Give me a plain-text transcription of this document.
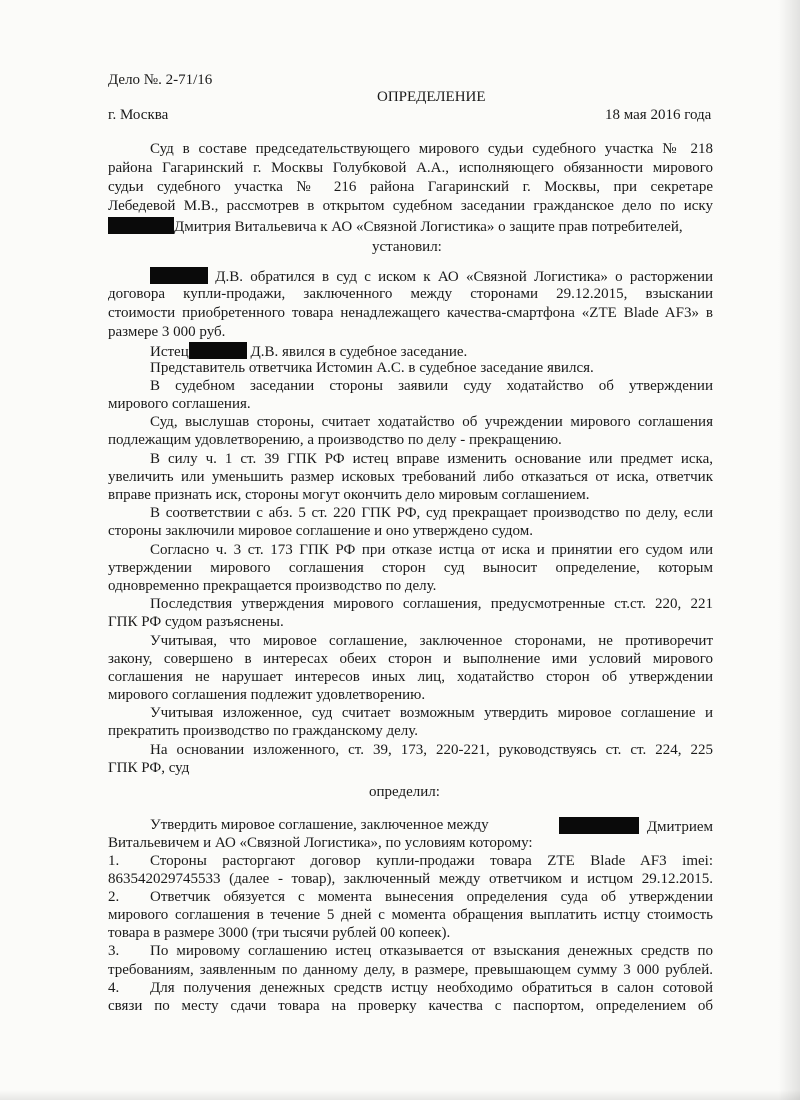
Дело №. 2-71/16
ОПРЕДЕЛЕНИЕ
г. Москва	18 мая 2016 года
Суд в составе председательствующего мирового судьи судебного участка № 218
района Гагаринский г. Москвы Голубковой А.А., исполняющего обязанности мирового
судьи судебного участка № 216 района Гагаринский г. Москвы, при секретаре
Лебедевой М.В., рассмотрев в открытом судебном заседании гражданское дело по иску
Дмитрия Витальевича к АО «Связной Логистика» о защите прав потребителей,
установил:
Д.В. обратился в суд с иском к АО «Связной Логистика» о расторжении
договора купли-продажи, заключенного между сторонами 29.12.2015, взыскании
стоимости приобретенного товара ненадлежащего качества-смартфона «ZTE Blade AF3» в
размере 3 000 руб.
Истец	Д.В. явился в судебное заседание.
Представитель ответчика Истомин А.С. в судебное заседание явился.
В судебном заседании стороны заявили суду ходатайство об утверждении
мирового соглашения.
Суд, выслушав стороны, считает ходатайство об учреждении мирового соглашения
подлежащим удовлетворению, а производство по делу - прекращению.
В силу ч. 1 ст. 39 ГПК РФ истец вправе изменить основание или предмет иска,
увеличить или уменьшить размер исковых требований либо отказаться от иска, ответчик
вправе признать иск, стороны могут окончить дело мировым соглашением.
В соответствии с абз. 5 ст. 220 ГПК РФ, суд прекращает производство по делу, если
стороны заключили мировое соглашение и оно утверждено судом.
Согласно ч. 3 ст. 173 ГПК РФ при отказе истца от иска и принятии его судом или
утверждении мирового соглашения сторон суд выносит определение, которым
одновременно прекращается производство по делу.
Последствия утверждения мирового соглашения, предусмотренные ст.ст. 220, 221
ГПК РФ судом разъяснены.
Учитывая, что мировое соглашение, заключенное сторонами, не противоречит
закону, совершено в интересах обеих сторон и выполнение ими условий мирового
соглашения не нарушает интересов иных лиц, ходатайство сторон об утверждении
мирового соглашения подлежит удовлетворению.
Учитывая изложенное, суд считает возможным утвердить мировое соглашение и
прекратить производство по гражданскому делу.
На основании изложенного, ст. 39, 173, 220-221, руководствуясь ст. ст. 224, 225
ГПК РФ, суд
определил:
Утвердить мировое соглашение, заключенное между	Дмитрием
Витальевичем и АО «Связной Логистика», по условиям которому:
1. Стороны расторгают договор купли-продажи товара ZTE Blade AF3 imei:
863542029745533 (далее - товар), заключенный между ответчиком и истцом 29.12.2015.
2. Ответчик обязуется с момента вынесения определения суда об утверждении
мирового соглашения в течение 5 дней с момента обращения выплатить истцу стоимость
товара в размере 3000 (три тысячи рублей 00 копеек).
3. По мировому соглашению истец отказывается от взыскания денежных средств по
требованиям, заявленным по данному делу, в размере, превышающем сумму 3 000 рублей.
4. Для получения денежных средств истцу необходимо обратиться в салон сотовой
связи по месту сдачи товара на проверку качества с паспортом, определением об
